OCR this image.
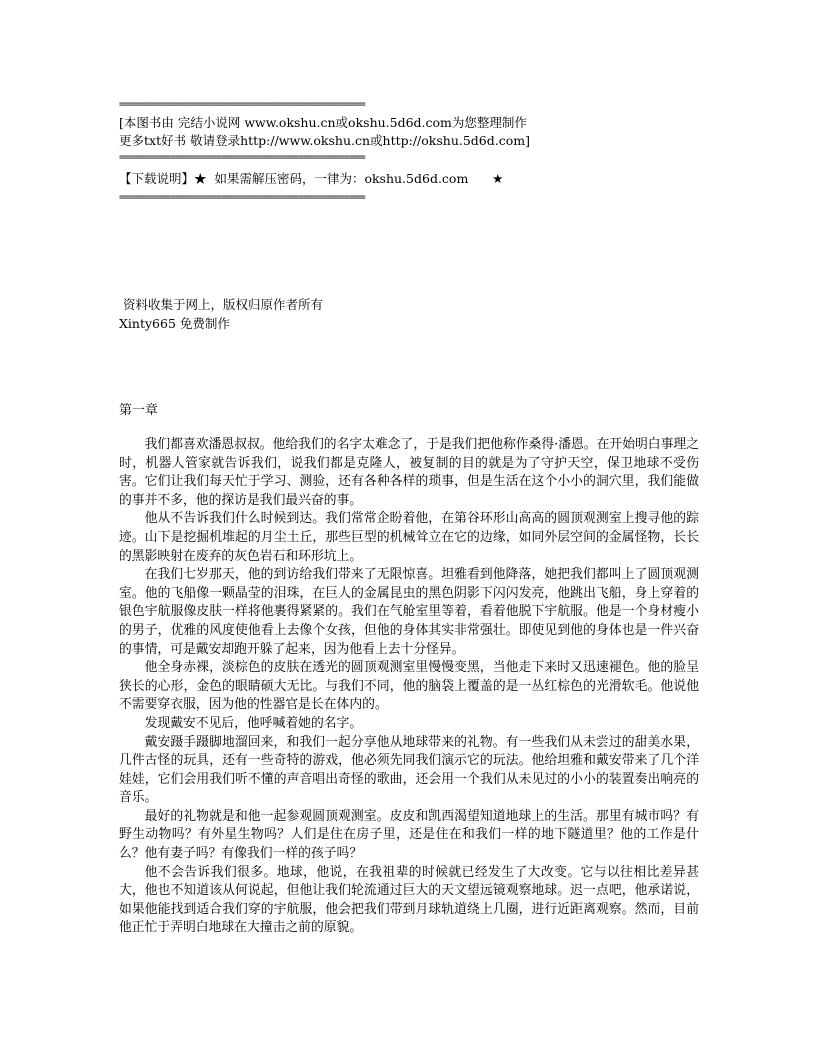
================================================
[本图书由 完结小说网 www.okshu.cn或okshu.5d6d.com为您整理制作
更多txt好书 敬请登录http://www.okshu.cn或http://okshu.5d6d.com]
================================================
【下载说明】★  如果需解压密码，一律为：okshu.5d6d.com      ★
================================================
资料收集于网上，版权归原作者所有
Xinty665 免费制作
第一章

我们都喜欢潘恩叔叔。他给我们的名字太难念了，于是我们把他称作桑得·潘恩。在开始明白事理之时，机器人管家就告诉我们，说我们都是克隆人，被复制的目的就是为了守护天空，保卫地球不受伤害。它们让我们每天忙于学习、测验，还有各种各样的琐事，但是生活在这个小小的洞穴里，我们能做的事并不多，他的探访是我们最兴奋的事。

他从不告诉我们什么时候到达。我们常常企盼着他，在第谷环形山高高的圆顶观测室上搜寻他的踪迹。山下是挖掘机堆起的月尘土丘，那些巨型的机械耸立在它的边缘，如同外层空间的金属怪物，长长的黑影映射在废弃的灰色岩石和环形坑上。

在我们七岁那天，他的到访给我们带来了无限惊喜。坦雅看到他降落，她把我们都叫上了圆顶观测室。他的飞船像一颗晶莹的泪珠，在巨人的金属昆虫的黑色阴影下闪闪发亮，他跳出飞船，身上穿着的银色宇航服像皮肤一样将他裹得紧紧的。我们在气舱室里等着，看着他脱下宇航服。他是一个身材瘦小的男子，优雅的风度使他看上去像个女孩，但他的身体其实非常强壮。即使见到他的身体也是一件兴奋的事情，可是戴安却跑开躲了起来，因为他看上去十分怪异。

他全身赤裸，淡棕色的皮肤在透光的圆顶观测室里慢慢变黑，当他走下来时又迅速褪色。他的脸呈狭长的心形，金色的眼睛硕大无比。与我们不同，他的脑袋上覆盖的是一丛红棕色的光滑软毛。他说他不需要穿衣服，因为他的性器官是长在体内的。

发现戴安不见后，他呼喊着她的名字。

戴安蹑手蹑脚地溜回来，和我们一起分享他从地球带来的礼物。有一些我们从未尝过的甜美水果，几件古怪的玩具，还有一些奇特的游戏，他必须先同我们演示它的玩法。他给坦雅和戴安带来了几个洋娃娃，它们会用我们听不懂的声音唱出奇怪的歌曲，还会用一个我们从未见过的小小的装置奏出响亮的音乐。

最好的礼物就是和他一起参观圆顶观测室。皮皮和凯西渴望知道地球上的生活。那里有城市吗？有野生动物吗？有外星生物吗？人们是住在房子里，还是住在和我们一样的地下隧道里？他的工作是什么？他有妻子吗？有像我们一样的孩子吗？

他不会告诉我们很多。地球，他说，在我祖辈的时候就已经发生了大改变。它与以往相比差异甚大，他也不知道该从何说起，但他让我们轮流通过巨大的天文望远镜观察地球。迟一点吧，他承诺说，如果他能找到适合我们穿的宇航服，他会把我们带到月球轨道绕上几圈，进行近距离观察。然而，目前他正忙于弄明白地球在大撞击之前的原貌。
